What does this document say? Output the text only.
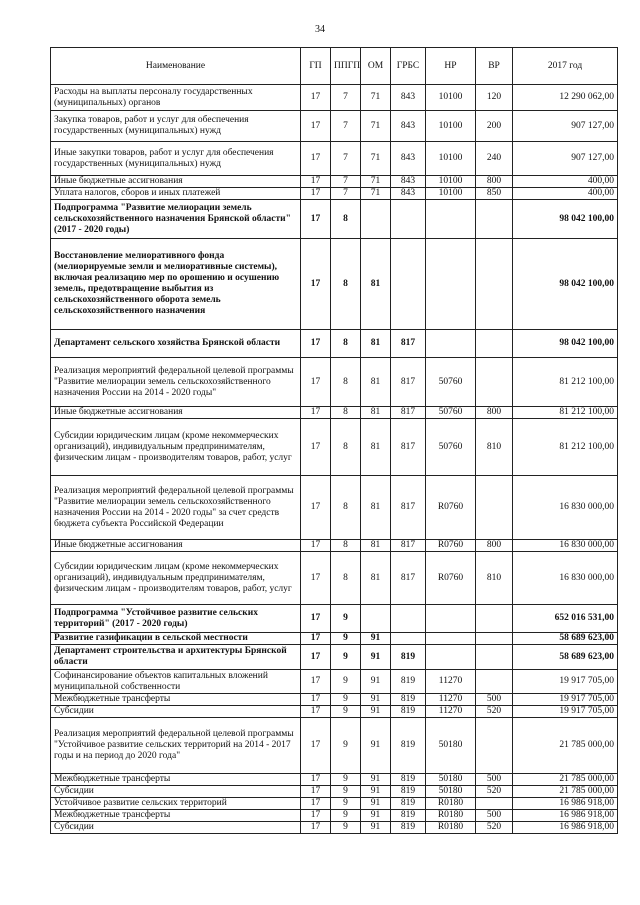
34
Наименование	ГП	ППГП	ОМ	ГРБС	НР	ВР	2017 год
Расходы на выплаты персоналу государственных (муниципальных) органов	17	7	71	843	10100	120	12 290 062,00
Закупка товаров, работ и услуг для обеспечения государственных (муниципальных) нужд	17	7	71	843	10100	200	907 127,00
Иные закупки товаров, работ и услуг для обеспечения государственных (муниципальных) нужд	17	7	71	843	10100	240	907 127,00
Иные бюджетные ассигнования	17	7	71	843	10100	800	400,00
Уплата налогов, сборов и иных платежей	17	7	71	843	10100	850	400,00
Подпрограмма "Развитие мелиорации земель сельскохозяйственного назначения Брянской области" (2017 - 2020 годы)	17	8					98 042 100,00
Восстановление мелиоративного фонда (мелиорируемые земли и мелиоративные системы), включая реализацию мер по орошению и осушению земель, предотвращение выбытия из сельскохозяйственного оборота земель сельскохозяйственного назначения	17	8	81				98 042 100,00
Департамент сельского хозяйства Брянской области	17	8	81	817			98 042 100,00
Реализация мероприятий федеральной целевой программы "Развитие мелиорации земель сельскохозяйственного назначения России на 2014 - 2020 годы"	17	8	81	817	50760		81 212 100,00
Иные бюджетные ассигнования	17	8	81	817	50760	800	81 212 100,00
Субсидии юридическим лицам (кроме некоммерческих организаций), индивидуальным предпринимателям, физическим лицам - производителям товаров, работ, услуг	17	8	81	817	50760	810	81 212 100,00
Реализация мероприятий федеральной целевой программы "Развитие мелиорации земель сельскохозяйственного назначения России на 2014 - 2020 годы" за счет средств бюджета субъекта Российской Федерации	17	8	81	817	R0760		16 830 000,00
Иные бюджетные ассигнования	17	8	81	817	R0760	800	16 830 000,00
Субсидии юридическим лицам (кроме некоммерческих организаций), индивидуальным предпринимателям, физическим лицам - производителям товаров, работ, услуг	17	8	81	817	R0760	810	16 830 000,00
Подпрограмма "Устойчивое развитие сельских территорий" (2017 - 2020 годы)	17	9					652 016 531,00
Развитие газификации в сельской местности	17	9	91				58 689 623,00
Департамент строительства и архитектуры Брянской области	17	9	91	819			58 689 623,00
Софинансирование объектов капитальных вложений муниципальной собственности	17	9	91	819	11270		19 917 705,00
Межбюджетные трансферты	17	9	91	819	11270	500	19 917 705,00
Субсидии	17	9	91	819	11270	520	19 917 705,00
Реализация мероприятий федеральной целевой программы "Устойчивое развитие сельских территорий на 2014 - 2017 годы и на период до 2020 года"	17	9	91	819	50180		21 785 000,00
Межбюджетные трансферты	17	9	91	819	50180	500	21 785 000,00
Субсидии	17	9	91	819	50180	520	21 785 000,00
Устойчивое развитие сельских территорий	17	9	91	819	R0180		16 986 918,00
Межбюджетные трансферты	17	9	91	819	R0180	500	16 986 918,00
Субсидии	17	9	91	819	R0180	520	16 986 918,00
